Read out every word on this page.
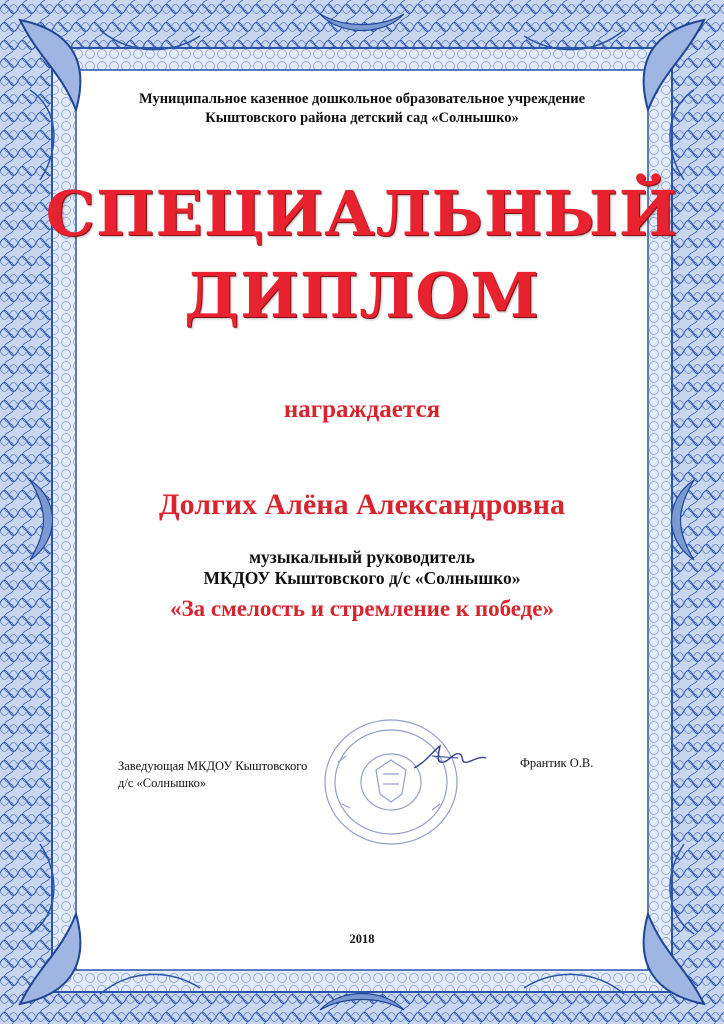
Муниципальное казенное дошкольное образовательное учреждение
Кыштовского района детский сад «Солнышко»
СПЕЦИАЛЬНЫЙ
ДИПЛОМ
награждается
Долгих Алёна Александровна
музыкальный руководитель
МКДОУ Кыштовского д/с «Солнышко»
«За смелость и стремление к победе»
Заведующая МКДОУ Кыштовского
д/с «Солнышко»
Франтик О.В.
2018
